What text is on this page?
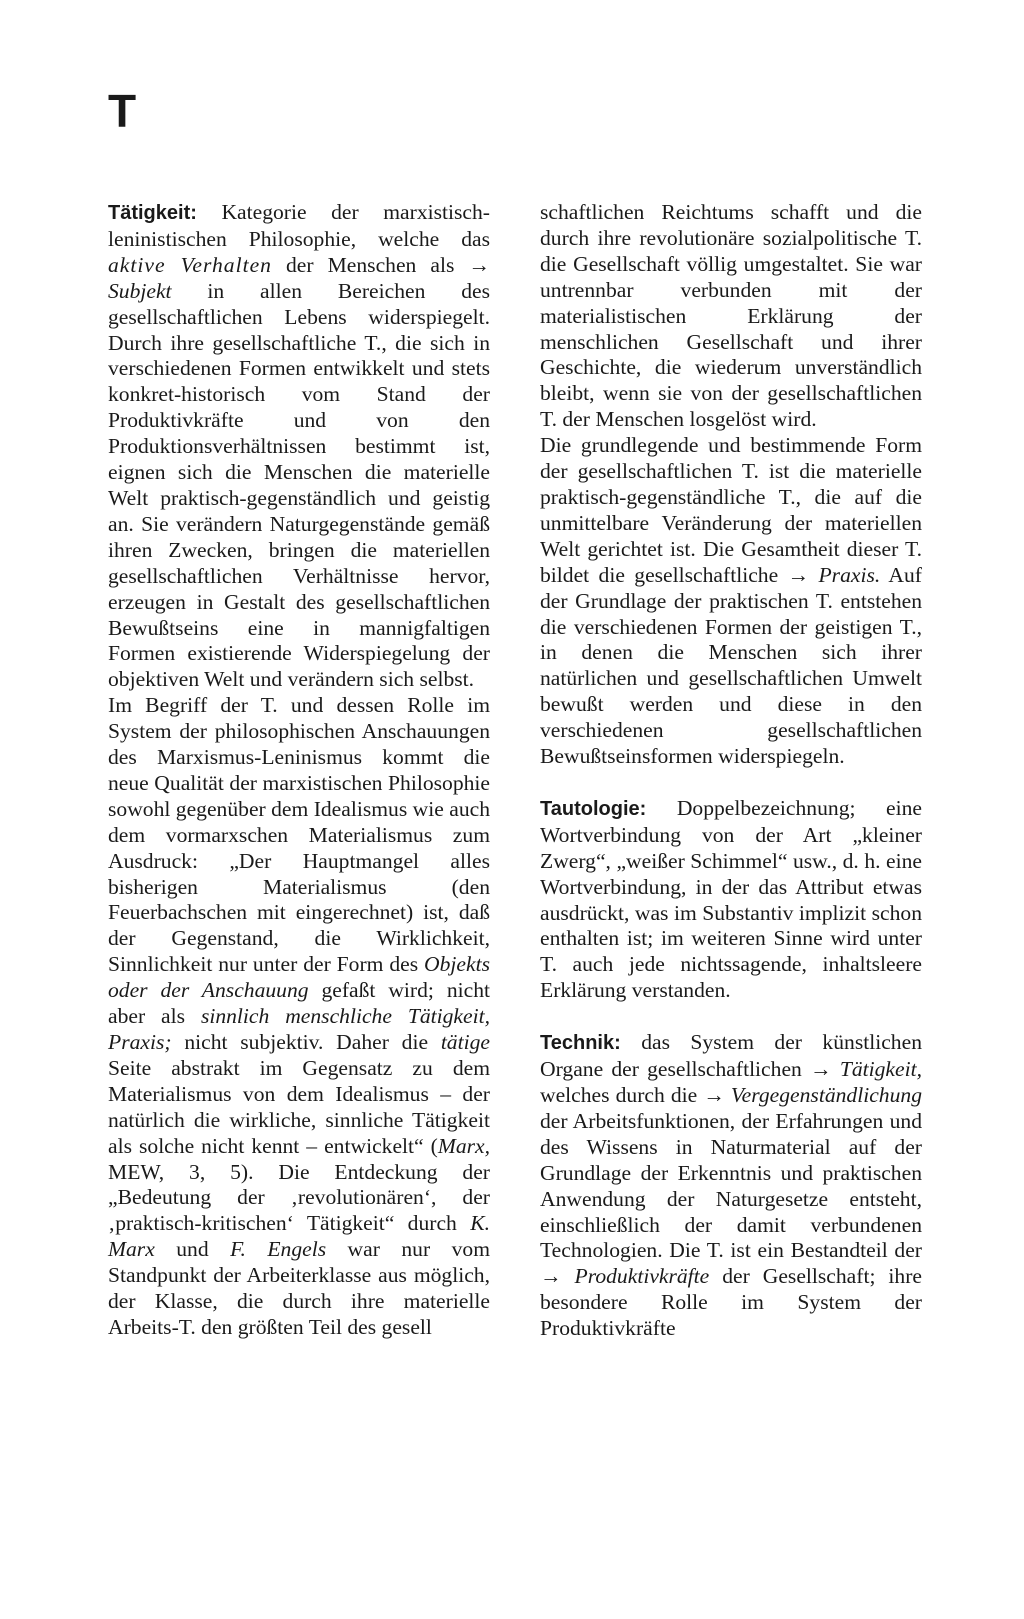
T

Tätigkeit: Kategorie der marxistisch-leninistischen Philosophie, welche das aktive Verhalten der Menschen als → Subjekt in allen Bereichen des gesellschaftlichen Lebens widerspiegelt. Durch ihre gesellschaftliche T., die sich in verschiedenen Formen entwikkelt und stets konkret-historisch vom Stand der Produktivkräfte und von den Produktionsverhältnissen bestimmt ist, eignen sich die Menschen die materielle Welt praktisch-gegenständlich und geistig an. Sie verändern Naturgegenstände gemäß ihren Zwecken, bringen die materiellen gesellschaftlichen Verhältnisse hervor, erzeugen in Gestalt des gesellschaftlichen Bewußtseins eine in mannigfaltigen Formen existierende Widerspiegelung der objektiven Welt und verändern sich selbst.

Im Begriff der T. und dessen Rolle im System der philosophischen Anschauungen des Marxismus-Leninismus kommt die neue Qualität der marxistischen Philosophie sowohl gegenüber dem Idealismus wie auch dem vormarxschen Materialismus zum Ausdruck: „Der Hauptmangel alles bisherigen Materialismus (den Feuerbachschen mit eingerechnet) ist, daß der Gegenstand, die Wirklichkeit, Sinnlichkeit nur unter der Form des Objekts oder der Anschauung gefaßt wird; nicht aber als sinnlich menschliche Tätigkeit, Praxis; nicht subjektiv. Daher die tätige Seite abstrakt im Gegensatz zu dem Materialismus von dem Idealismus – der natürlich die wirkliche, sinnliche Tätigkeit als solche nicht kennt – entwickelt“ (Marx, MEW, 3, 5). Die Entdeckung der „Bedeutung der ‚revolutionären‘, der ‚praktisch-kritischen‘ Tätigkeit“ durch K. Marx und F. Engels war nur vom Standpunkt der Arbeiterklasse aus möglich, der Klasse, die durch ihre materielle Arbeits-T. den größten Teil des gesell

schaftlichen Reichtums schafft und die durch ihre revolutionäre sozialpolitische T. die Gesellschaft völlig umgestaltet. Sie war untrennbar verbunden mit der materialistischen Erklärung der menschlichen Gesellschaft und ihrer Geschichte, die wiederum unverständlich bleibt, wenn sie von der gesellschaftlichen T. der Menschen losgelöst wird.

Die grundlegende und bestimmende Form der gesellschaftlichen T. ist die materielle praktisch-gegenständliche T., die auf die unmittelbare Veränderung der materiellen Welt gerichtet ist. Die Gesamtheit dieser T. bildet die gesellschaftliche → Praxis. Auf der Grundlage der praktischen T. entstehen die verschiedenen Formen der geistigen T., in denen die Menschen sich ihrer natürlichen und gesellschaftlichen Umwelt bewußt werden und diese in den verschiedenen gesellschaftlichen Bewußtseinsformen widerspiegeln.

Tautologie: Doppelbezeichnung; eine Wortverbindung von der Art „kleiner Zwerg“, „weißer Schimmel“ usw., d. h. eine Wortverbindung, in der das Attribut etwas ausdrückt, was im Substantiv implizit schon enthalten ist; im weiteren Sinne wird unter T. auch jede nichtssagende, inhaltsleere Erklärung verstanden.

Technik: das System der künstlichen Organe der gesellschaftlichen → Tätigkeit, welches durch die → Vergegenständlichung der Arbeitsfunktionen, der Erfahrungen und des Wissens in Naturmaterial auf der Grundlage der Erkenntnis und praktischen Anwendung der Naturgesetze entsteht, einschließlich der damit verbundenen Technologien. Die T. ist ein Bestandteil der → Produktivkräfte der Gesellschaft; ihre besondere Rolle im System der Produktivkräfte
